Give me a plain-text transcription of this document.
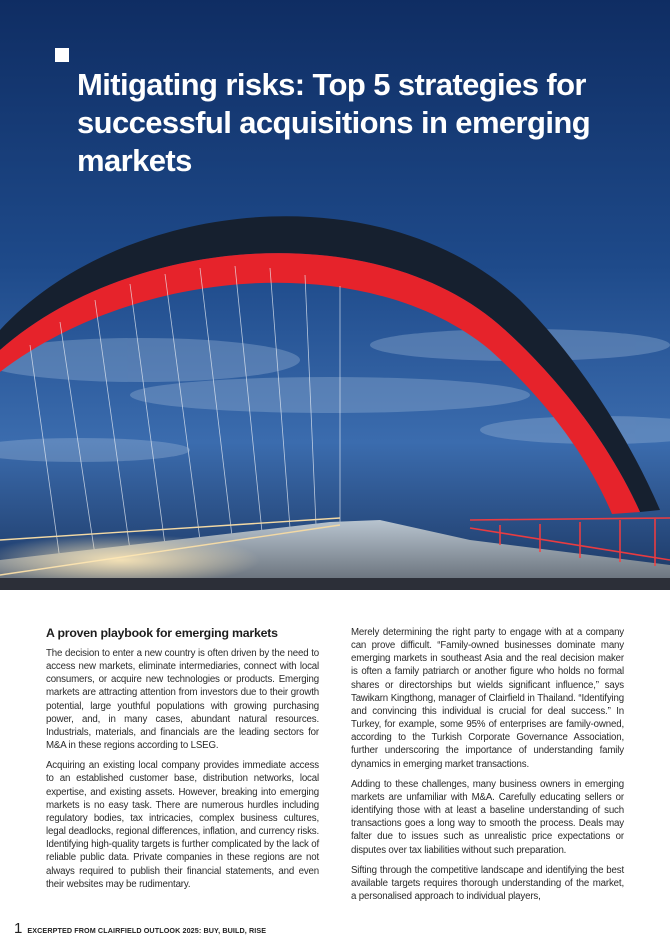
Mitigating risks: Top 5 strategies for successful acquisitions in emerging markets
A proven playbook for emerging markets

The decision to enter a new country is often driven by the need to access new markets, eliminate intermediaries, connect with local consumers, or acquire new technologies or products. Emerging markets are attracting attention from investors due to their growth potential, large youthful populations with growing purchasing power, and, in many cases, abundant natural resources. Industrials, materials, and financials are the leading sectors for M&A in these regions according to LSEG.

Acquiring an existing local company provides immediate access to an established customer base, distribution networks, local expertise, and existing assets. However, breaking into emerging markets is no easy task. There are numerous hurdles including regulatory bodies, tax intricacies, complex business cultures, legal deadlocks, regional differences, inflation, and currency risks. Identifying high-quality targets is further complicated by the lack of reliable public data. Private companies in these regions are not always required to publish their financial statements, and even their websites may be rudimentary.

Merely determining the right party to engage with at a company can prove difficult. “Family-owned businesses dominate many emerging markets in southeast Asia and the real decision maker is often a family patriarch or another figure who holds no formal shares or directorships but wields significant influence,” says Tawikarn Kingthong, manager of Clairfield in Thailand. “Identifying and convincing this individual is crucial for deal success.” In Turkey, for example, some 95% of enterprises are family-owned, according to the Turkish Corporate Governance Association, further underscoring the importance of understanding family dynamics in emerging market transactions.

Adding to these challenges, many business owners in emerging markets are unfamiliar with M&A. Carefully educating sellers or identifying those with at least a baseline understanding of such transactions goes a long way to smooth the process. Deals may falter due to issues such as unrealistic price expectations or disputes over tax liabilities without such preparation.

Sifting through the competitive landscape and identifying the best available targets requires thorough understanding of the market, a personalised approach to individual players,

1 EXCERPTED FROM CLAIRFIELD OUTLOOK 2025: BUY, BUILD, RISE
